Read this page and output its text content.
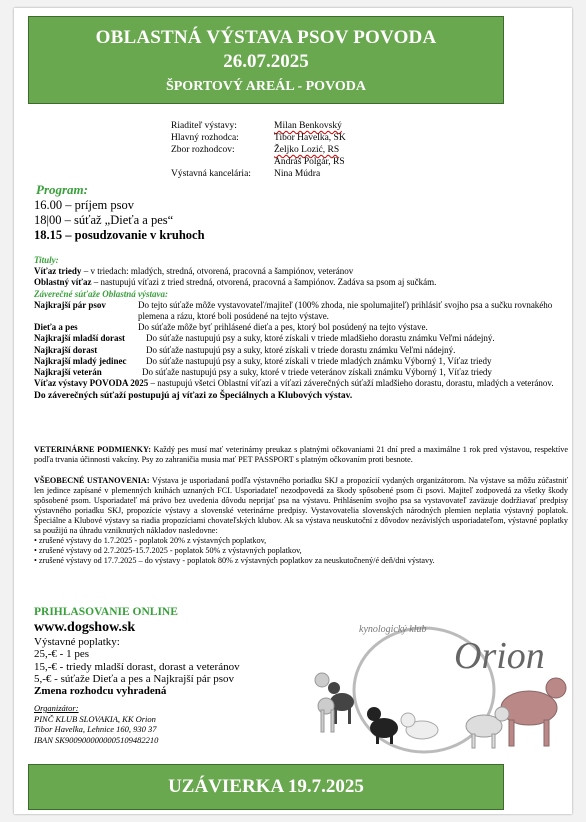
OBLASTNÁ VÝSTAVA PSOV POVODA
26.07.2025
ŠPORTOVÝ AREÁL - POVODA
Riaditeľ výstavy:	Milan Benkovský
Hlavný rozhodca:	Tibor Havelka, SK
Zbor rozhodcov:	Željko Lozić, RS
Andráš Polgár, RS
Výstavná kancelária:	Nina Múdra
Program:
16.00 – príjem psov
18|00 – súťaž „Dieťa a pes“
18.15 – posudzovanie v kruhoch
Tituly:
Víťaz triedy – v triedach: mladých, stredná, otvorená, pracovná a šampiónov, veteránov
Oblastný víťaz – nastupujú víťazi z tried stredná, otvorená, pracovná a šampiónov. Zadáva sa psom aj sučkám.
Záverečné súťaže Oblastná výstava:
Najkrajší pár psov	Do tejto súťaže môže vystavovateľ/majiteľ (100% zhoda, nie spolumajiteľ) prihlásiť svojho psa a sučku rovnakého plemena a rázu, ktoré boli posúdené na tejto výstave.
Dieťa a pes	Do súťaže môže byť prihlásené dieťa a pes, ktorý bol posúdený na tejto výstave.
Najkrajší mladší dorast	Do súťaže nastupujú psy a suky, ktoré získali v triede mladšieho dorastu známku Veľmi nádejný.
Najkrajší dorast	Do súťaže nastupujú psy a suky, ktoré získali v triede dorastu známku Veľmi nádejný.
Najkrajší mladý jedinec	Do súťaže nastupujú psy a suky, ktoré získali v triede mladých známku Výborný 1, Víťaz triedy
Najkrajší veterán	Do súťaže nastupujú psy a suky, ktoré v triede veteránov získali známku Výborný 1, Víťaz triedy
Víťaz výstavy POVODA 2025 – nastupujú všetci Oblastní víťazi a víťazi záverečných súťaží mladšieho dorastu, dorastu, mladých a veteránov.
Do záverečných súťaží postupujú aj víťazi zo Špeciálnych a Klubových výstav.
VETERINÁRNE PODMIENKY: Každý pes musí mať veterinárny preukaz s platnými očkovaniami 21 dní pred a maximálne 1 rok pred výstavou, respektíve podľa trvania účinnosti vakcíny. Psy zo zahraničia musia mať PET PASSPORT s platným očkovaním proti besnote.
VŠEOBECNÉ USTANOVENIA: Výstava je usporiadaná podľa výstavného poriadku SKJ a propozícií vydaných organizátorom. Na výstave sa môžu zúčastniť len jedince zapísané v plemenných knihách uznaných FCI. Usporiadateľ nezodpovedá za škody spôsobené psom či psovi. Majiteľ zodpovedá za všetky škody spôsobené psom. Usporiadateľ má právo bez uvedenia dôvodu neprijať psa na výstavu. Prihlásením svojho psa sa vystavovateľ zaväzuje dodržiavať predpisy výstavného poriadku SKJ, propozície výstavy a slovenské veterinárne predpisy. Vystavovatelia slovenských národných plemien neplatia výstavný poplatok. Špeciálne a Klubové výstavy sa riadia propozíciami chovateľských klubov. Ak sa výstava neuskutoční z dôvodov nezávislých usporiadateľom, výstavné poplatky sa použijú na úhradu vzniknutých nákladov nasledovne:
• zrušené výstavy do 1.7.2025 - poplatok 20% z výstavných poplatkov,
• zrušené výstavy od 2.7.2025-15.7.2025 - poplatok 50% z výstavných poplatkov,
• zrušené výstavy od 17.7.2025 – do výstavy - poplatok 80% z výstavných poplatkov za neuskutočnený/é deň/dni výstavy.
PRIHLASOVANIE ONLINE
www.dogshow.sk
Výstavné poplatky:
25,-€ - 1 pes
15,-€ - triedy mladší dorast, dorast a veteránov
5,-€ - súťaže Dieťa a pes a Najkrajší pár psov
Zmena rozhodcu vyhradená
Organizátor:
PINČ KLUB SLOVAKIA, KK Orion
Tibor Havelka, Lehnice 160, 930 37
IBAN SK9009000000005109482210
kynologický klub
Orion
UZÁVIERKA 19.7.2025
